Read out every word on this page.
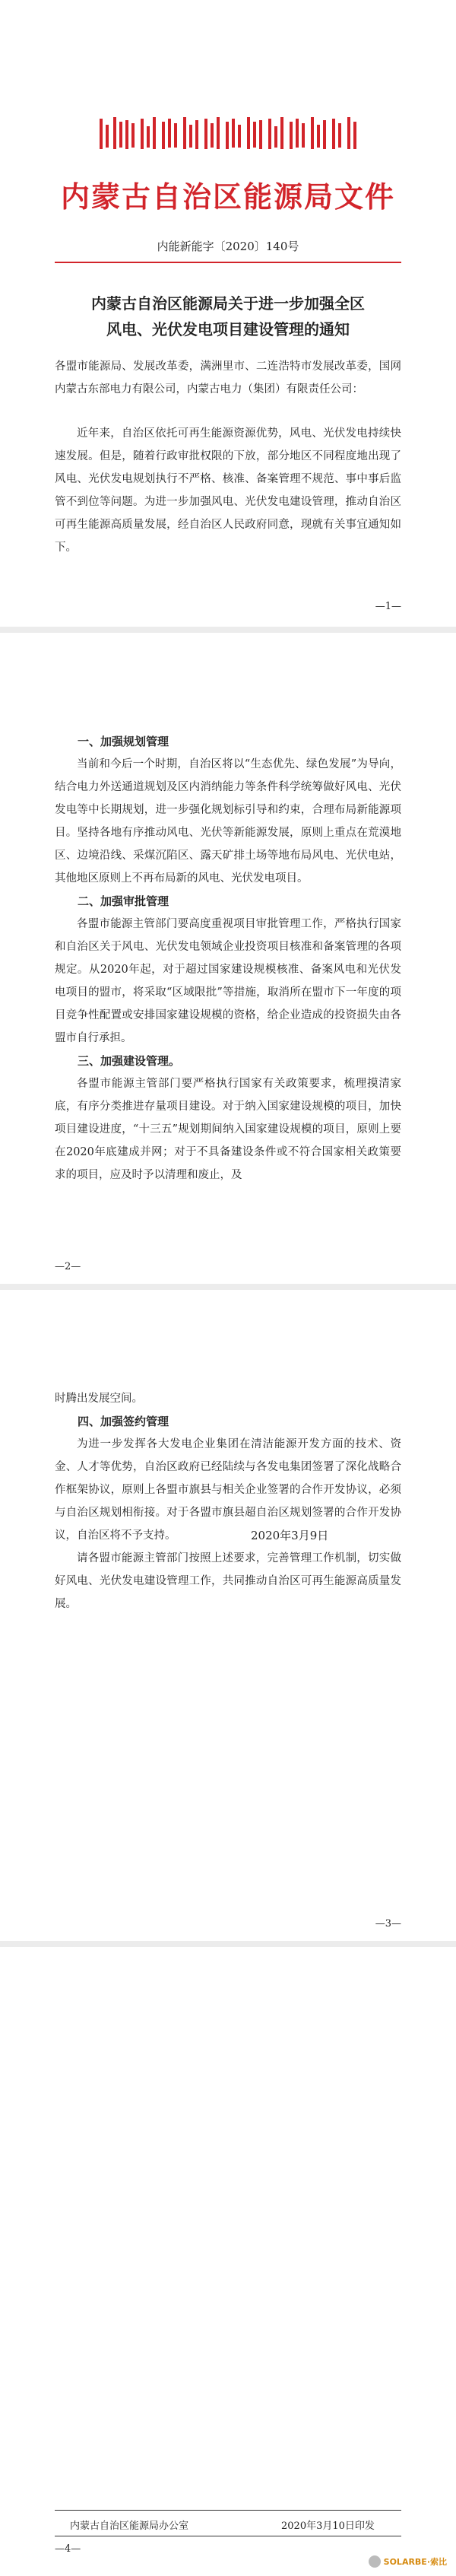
内蒙古自治区能源局文件
内能新能字〔2020〕140号
内蒙古自治区能源局关于进一步加强全区
风电、光伏发电项目建设管理的通知

各盟市能源局、发展改革委，满洲里市、二连浩特市发展改革委，国网内蒙古东部电力有限公司，内蒙古电力（集团）有限责任公司：

近年来，自治区依托可再生能源资源优势，风电、光伏发电持续快速发展。但是，随着行政审批权限的下放，部分地区不同程度地出现了风电、光伏发电规划执行不严格、核准、备案管理不规范、事中事后监管不到位等问题。为进一步加强风电、光伏发电建设管理，推动自治区可再生能源高质量发展，经自治区人民政府同意，现就有关事宜通知如下。

—1—

一、加强规划管理

当前和今后一个时期，自治区将以“生态优先、绿色发展”为导向，结合电力外送通道规划及区内消纳能力等条件科学统筹做好风电、光伏发电等中长期规划，进一步强化规划标引导和约束，合理布局新能源项目。坚持各地有序推动风电、光伏等新能源发展，原则上重点在荒漠地区、边境沿线、采煤沉陷区、露天矿排土场等地布局风电、光伏电站，其他地区原则上不再布局新的风电、光伏发电项目。

二、加强审批管理

各盟市能源主管部门要高度重视项目审批管理工作，严格执行国家和自治区关于风电、光伏发电领域企业投资项目核准和备案管理的各项规定。从2020年起，对于超过国家建设规模核准、备案风电和光伏发电项目的盟市，将采取“区域限批”等措施，取消所在盟市下一年度的项目竞争性配置或安排国家建设规模的资格，给企业造成的投资损失由各盟市自行承担。

三、加强建设管理。

各盟市能源主管部门要严格执行国家有关政策要求，梳理摸清家底，有序分类推进存量项目建设。对于纳入国家建设规模的项目，加快项目建设进度，“十三五”规划期间纳入国家建设规模的项目，原则上要在2020年底建成并网；对于不具备建设条件或不符合国家相关政策要求的项目，应及时予以清理和废止，及

—2—

时腾出发展空间。

四、加强签约管理

为进一步发挥各大发电企业集团在清洁能源开发方面的技术、资金、人才等优势，自治区政府已经陆续与各发电集团签署了深化战略合作框架协议，原则上各盟市旗县与相关企业签署的合作开发协议，必须与自治区规划相衔接。对于各盟市旗县超自治区规划签署的合作开发协议，自治区将不予支持。

请各盟市能源主管部门按照上述要求，完善管理工作机制，切实做好风电、光伏发电建设管理工作，共同推动自治区可再生能源高质量发展。

2020年3月9日
—3—
内蒙古自治区能源局办公室	2020年3月10日印发
—4—
SOLARBE·索比
